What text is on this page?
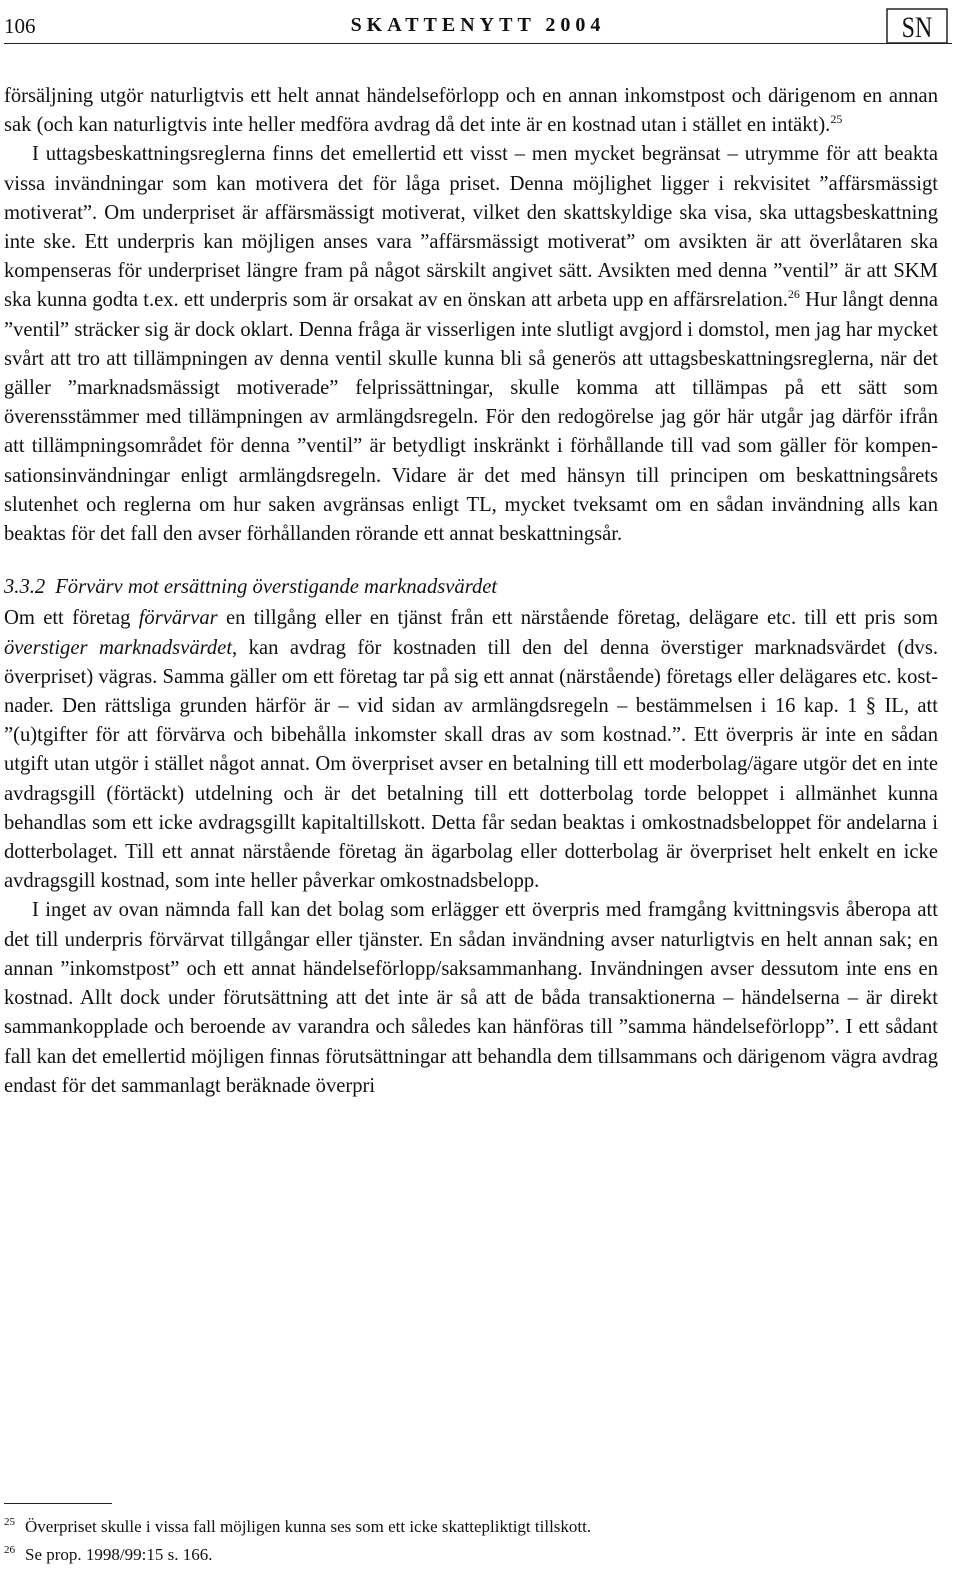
106	SKATTENYTT 2004	SN

försäljning utgör naturligtvis ett helt annat händelseförlopp och en annan inkomstpost och därigenom en annan sak (och kan naturligtvis inte heller medföra avdrag då det inte är en kostnad utan i stället en intäkt).$^{25}$

I uttagsbeskattningsreglerna finns det emellertid ett visst – men mycket begränsat – utrymme för att beakta vissa invändningar som kan motivera det för låga priset. Denna möjlighet ligger i rekvisitet ”affärsmässigt motiverat”. Om underpriset är affärsmässigt motiverat, vilket den skattskyldige ska visa, ska uttagsbeskattning inte ske. Ett underpris kan möjligen anses vara ”affärsmässigt motiverat” om avsikten är att överlåtaren ska kompenseras för underpriset längre fram på något särskilt angivet sätt. Avsikten med denna ”ventil” är att SKM ska kunna godta t.ex. ett underpris som är orsakat av en önskan att arbeta upp en affärsrelation.$^{26}$ Hur långt denna ”ventil” sträcker sig är dock oklart. Denna fråga är visserligen inte slutligt avgjord i domstol, men jag har mycket svårt att tro att tillämpningen av denna ventil skulle kunna bli så generös att uttagsbeskattningsreglerna, när det gäller ”marknadsmässigt motiverade” felprissättningar, skulle komma att tillämpas på ett sätt som överensstämmer med tillämpningen av armlängdsregeln. För den redogörelse jag gör här utgår jag därför ifrån att tillämpningsområdet för denna ”ventil” är betydligt inskränkt i förhållande till vad som gäller för kompensationsinvändningar enligt armlängdsregeln. Vidare är det med hänsyn till principen om beskattningsårets slutenhet och reglerna om hur saken avgränsas enligt TL, mycket tveksamt om en sådan invändning alls kan beaktas för det fall den avser förhållanden rörande ett annat beskattningsår.

3.3.2 Förvärv mot ersättning överstigande marknadsvärdet

Om ett företag förvärvar en tillgång eller en tjänst från ett närstående företag, delägare etc. till ett pris som överstiger marknadsvärdet, kan avdrag för kostnaden till den del denna överstiger marknadsvärdet (dvs. överpriset) vägras. Samma gäller om ett företag tar på sig ett annat (närstående) företags eller delägares etc. kostnader. Den rättsliga grunden härför är – vid sidan av armlängdsregeln – bestämmelsen i 16 kap. 1 § IL, att ”(u)tgifter för att förvärva och bibehålla inkomster skall dras av som kostnad.”. Ett överpris är inte en sådan utgift utan utgör i stället något annat. Om överpriset avser en betalning till ett moderbolag/ägare utgör det en inte avdragsgill (förtäckt) utdelning och är det betalning till ett dotterbolag torde beloppet i allmänhet kunna behandlas som ett icke avdragsgillt kapitaltillskott. Detta får sedan beaktas i omkostnadsbeloppet för andelarna i dotterbolaget. Till ett annat närstående företag än ägarbolag eller dotterbolag är överpriset helt enkelt en icke avdragsgill kostnad, som inte heller påverkar omkostnadsbelopp.

I inget av ovan nämnda fall kan det bolag som erlägger ett överpris med framgång kvittningsvis åberopa att det till underpris förvärvat tillgångar eller tjänster. En sådan invändning avser naturligtvis en helt annan sak; en annan ”inkomstpost” och ett annat händelseförlopp/saksammanhang. Invändningen avser dessutom inte ens en kostnad. Allt dock under förutsättning att det inte är så att de båda transaktionerna – händelserna – är direkt sammankopplade och beroende av varandra och således kan hänföras till ”samma händelseförlopp”. I ett sådant fall kan det emellertid möjligen finnas förutsättningar att behandla dem tillsammans och därigenom vägra avdrag endast för det sammanlagt beräknade överpri

$^{25}$ Överpriset skulle i vissa fall möjligen kunna ses som ett icke skattepliktigt tillskott.
$^{26}$ Se prop. 1998/99:15 s. 166.
